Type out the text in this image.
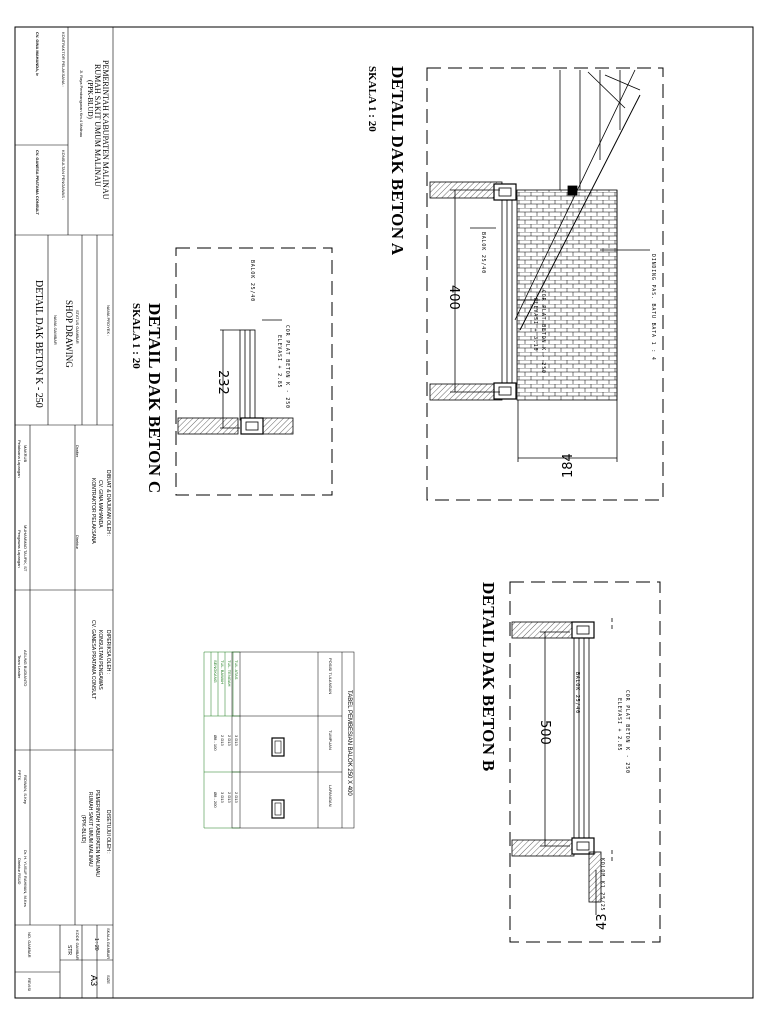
DETAIL DAK BETON A
SKALA 1 : 20
DETAIL DAK BETON C
SKALA 1 : 20
DETAIL DAK BETON B
400
184
BALOK 25/40
COR PLAT BETON K - 250
ELEVASI + 3.10	DINDING PAS. BATU BATA 1 : 4
232
BALOK 25/40
COR PLAT BETON K - 250
ELEVASI + 2.85
500
43
BALOK 25/40	COR PLAT BETON K - 250
ELEVASI + 2.85
KOLOM K1 25/25
TABEL PEMBESIAN BALOK 250 X 400
POSISI TULANGAN
TUMPUAN
LAPANGAN
TUL. ATAS
TUL. TENGAH
TUL. BAWAH
SENGKANG
3 D13
2 D13
2 D13
Ø8 - 100
2 D13
2 D13
3 D13
Ø8 - 200
PEMERINTAH KABUPATEN MALINAU
RUMAH SAKIT UMUM MALINAU
(PPK-BLUD)
Jl. Raya Pembangunan Km.4 Malinau
KONTRAKTOR PELAKSANA :
CV. GINA MAHANDA, Ir
KONSULTAN PENGAWAS :
CV. GANESA PRATAMA CONSULT
NAMA PROYEK :
STATUS GAMBAR
SHOP DRAWING
NAMA GAMBAR
DETAIL DAK BETON K - 250
DIBUAT & DIAJUKAN OLEH :
CV. GINA MAHANDA
KONTRAKTOR PELAKSANA
Drafter
Direktur
DIPERIKSA OLEH :
KONSULTAN PENGAWAS
CV. GANESA PRATAMA CONSULT
DISETUJUI OLEH :
PEMERINTAH KABUPATEN MALINAU
RUMAH SAKIT UMUM MALINAU
(PPK-BLUD)
MAKRUB
Pelaksana Lapangan
MUHAMMAD TAUFIK, ST
Pengawas Lapangan
AGUNG BUDIANTO
Team Leader
RIDWAN, S.Kep
PPTK
Dr. H. YUSUF RAHMAN, M.Kes
Direktur RSUD
SKALA GAMBAR
1 : 20
SIZE
A3
KODE GAMBAR
STR
NO. GAMBAR
REVISI
